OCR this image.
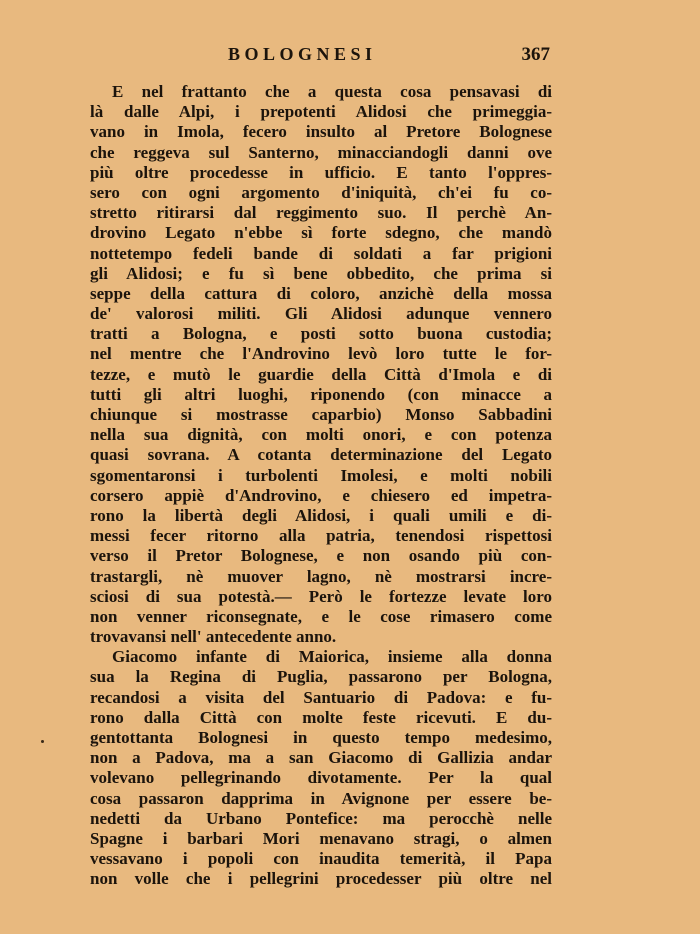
BOLOGNESI	367
E nel frattanto che a questa cosa pensavasi di
là dalle Alpi, i prepotenti Alidosi che primeggia-
vano in Imola, fecero insulto al Pretore Bolognese
che reggeva sul Santerno, minacciandogli danni ove
più oltre procedesse in ufficio. E tanto l'oppres-
sero con ogni argomento d'iniquità, ch'ei fu co-
stretto ritirarsi dal reggimento suo. Il perchè An-
drovino Legato n'ebbe sì forte sdegno, che mandò
nottetempo fedeli bande di soldati a far prigioni
gli Alidosi; e fu sì bene obbedito, che prima si
seppe della cattura di coloro, anzichè della mossa
de' valorosi militi. Gli Alidosi adunque vennero
tratti a Bologna, e posti sotto buona custodia;
nel mentre che l'Androvino levò loro tutte le for-
tezze, e mutò le guardie della Città d'Imola e di
tutti gli altri luoghi, riponendo (con minacce a
chiunque si mostrasse caparbio) Monso Sabbadini
nella sua dignità, con molti onori, e con potenza
quasi sovrana. A cotanta determinazione del Legato
sgomentaronsi i turbolenti Imolesi, e molti nobili
corsero appiè d'Androvino, e chiesero ed impetra-
rono la libertà degli Alidosi, i quali umili e di-
messi fecer ritorno alla patria, tenendosi rispettosi
verso il Pretor Bolognese, e non osando più con-
trastargli, nè muover lagno, nè mostrarsi incre-
sciosi di sua potestà.— Però le fortezze levate loro
non venner riconsegnate, e le cose rimasero come
trovavansi nell' antecedente anno.
Giacomo infante di Maiorica, insieme alla donna
sua la Regina di Puglia, passarono per Bologna,
recandosi a visita del Santuario di Padova: e fu-
rono dalla Città con molte feste ricevuti. E du-
gentottanta Bolognesi in questo tempo medesimo,
non a Padova, ma a san Giacomo di Gallizia andar
volevano pellegrinando divotamente. Per la qual
cosa passaron dapprima in Avignone per essere be-
nedetti da Urbano Pontefice: ma perocchè nelle
Spagne i barbari Mori menavano stragi, o almen
vessavano i popoli con inaudita temerità, il Papa
non volle che i pellegrini procedesser più oltre nel
